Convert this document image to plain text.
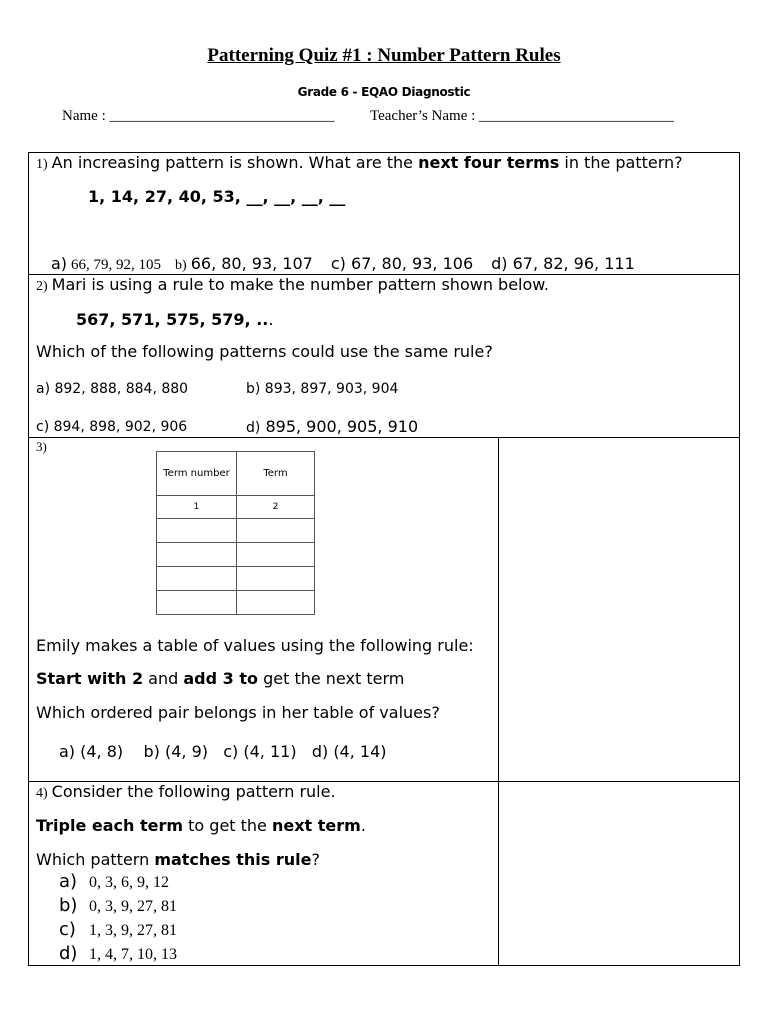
Patterning Quiz #1 : Number Pattern Rules
Grade 6 - EQAO Diagnostic
Name : ______________________________ Teacher’s Name : __________________________
1) An increasing pattern is shown. What are the next four terms in the pattern?
1, 14, 27, 40, 53, __, __, __, __
a) 66, 79, 92, 105 b) 66, 80, 93, 107 c) 67, 80, 93, 106 d) 67, 82, 96, 111
2) Mari is using a rule to make the number pattern shown below.
567, 571, 575, 579, ...
Which of the following patterns could use the same rule?
a) 892, 888, 884, 880	b) 893, 897, 903, 904
c) 894, 898, 902, 906	d) 895, 900, 905, 910
3)
Term number	Term
1	2

Emily makes a table of values using the following rule:
Start with 2 and add 3 to get the next term
Which ordered pair belongs in her table of values?
a) (4, 8)    b) (4, 9)   c) (4, 11)   d) (4, 14)
4) Consider the following pattern rule.
Triple each term to get the next term.
Which pattern matches this rule?
a) 0, 3, 6, 9, 12
b) 0, 3, 9, 27, 81
c) 1, 3, 9, 27, 81
d) 1, 4, 7, 10, 13
